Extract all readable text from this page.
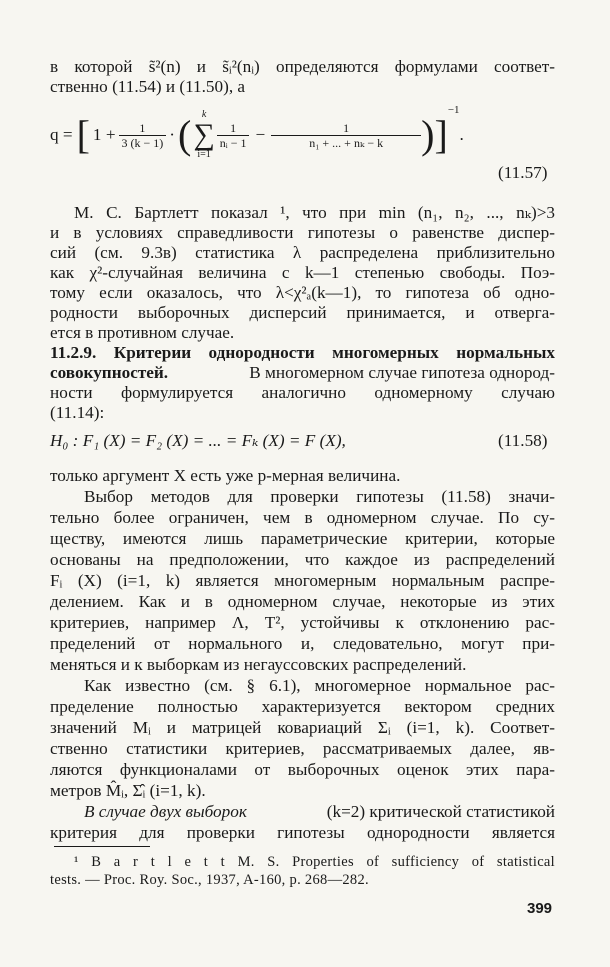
в которой s̃²(n) и s̃ᵢ²(nᵢ) определяются формулами соответ-
ственно (11.54) и (11.50), а
q = [ $1 + \frac{1}{3 (k - 1)}$ · ( k
∑
i=1
$\frac{1}{\text{nᵢ − 1}} - \frac{1}{\text{n₁ + ... + nₖ − k}}$ ) ]
−1
.
(11.57)
М. С. Бартлетт показал ¹, что при min (n₁, n₂, ..., nₖ)>3
и в условиях справедливости гипотезы о равенстве диспер-
сий (см. 9.3в) статистика λ распределена приблизительно
как χ²-случайная величина с k—1 степенью свободы. Поэ-
тому если оказалось, что λ<χ²ₐ(k—1), то гипотеза об одно-
родности выборочных дисперсий принимается, и отверга-
ется в противном случае.
11.2.9. Критерии однородности многомерных нормальных
совокупностей.	В многомерном случае гипотеза однород-
ности формулируется аналогично одномерному случаю
(11.14):
H₀ : F₁ (X) = F₂ (X) = ... = Fₖ (X) = F (X),	(11.58)
только аргумент X есть уже p-мерная величина.
Выбор методов для проверки гипотезы (11.58) значи-
тельно более ограничен, чем в одномерном случае. По су-
ществу, имеются лишь параметрические критерии, которые
основаны на предположении, что каждое из распределений
Fᵢ (X) (i=1, k) является многомерным нормальным распре-
делением. Как и в одномерном случае, некоторые из этих
критериев, например Λ, T², устойчивы к отклонению рас-
пределений от нормального и, следовательно, могут при-
меняться и к выборкам из негауссовских распределений.
Как известно (см. § 6.1), многомерное нормальное рас-
пределение полностью характеризуется вектором средних
значений Mᵢ и матрицей ковариаций Σᵢ (i=1, k). Соответ-
ственно статистики критериев, рассматриваемых далее, яв-
ляются функционалами от выборочных оценок этих пара-
метров M̂ᵢ, Σ̂ᵢ (i=1, k).
В случае двух выборок	(k=2) критической статистикой
критерия для проверки гипотезы однородности является
¹ B a r t l e t t M. S. Properties of sufficiency of statistical
tests. — Proc. Roy. Soc., 1937, A-160, p. 268—282.
399
